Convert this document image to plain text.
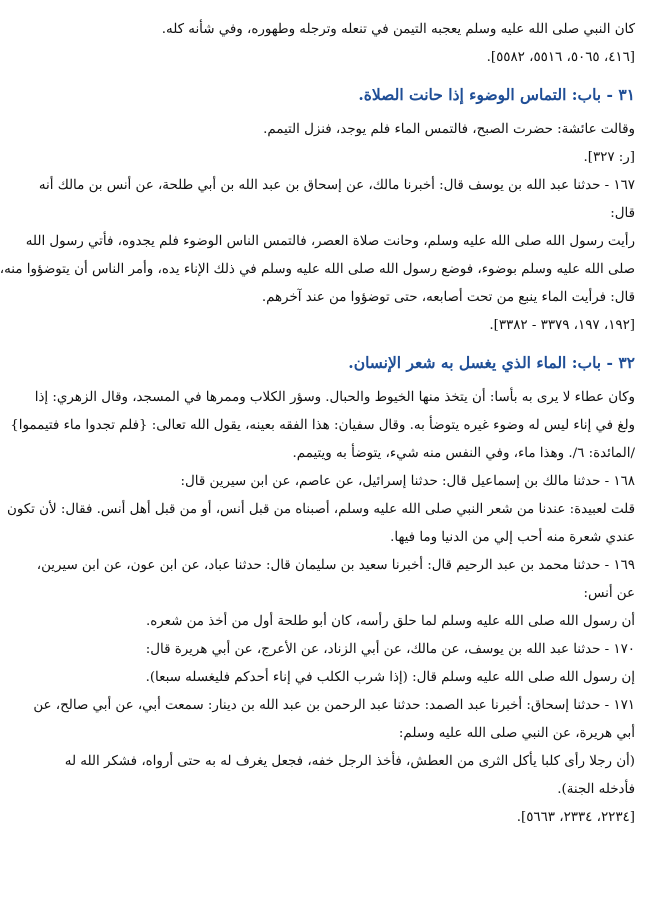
كان النبي صلى الله عليه وسلم يعجبه التيمن في تنعله وترجله وطهوره، وفي شأنه كله.
[٤١٦، ٥٠٦٥، ٥٥١٦، ٥٥٨٢].
٣١ - باب: التماس الوضوء إذا حانت الصلاة.
وقالت عائشة: حضرت الصبح، فالتمس الماء فلم يوجد، فنزل التيمم.
[ر: ٣٢٧].
١٦٧ - حدثنا عبد الله بن يوسف قال: أخبرنا مالك، عن إسحاق بن عبد الله بن أبي طلحة، عن أنس بن مالك أنه
قال:
رأيت رسول الله صلى الله عليه وسلم، وحانت صلاة العصر، فالتمس الناس الوضوء فلم يجدوه، فأتي رسول الله
صلى الله عليه وسلم بوضوء، فوضع رسول الله صلى الله عليه وسلم في ذلك الإناء يده، وأمر الناس أن يتوضؤوا منه،
قال: فرأيت الماء ينبع من تحت أصابعه، حتى توضؤوا من عند آخرهم.
[١٩٢، ١٩٧، ٣٣٧٩ - ٣٣٨٢].
٣٢ - باب: الماء الذي يغسل به شعر الإنسان.
وكان عطاء لا يرى به بأسا: أن يتخذ منها الخيوط والحبال. وسؤر الكلاب وممرها في المسجد، وقال الزهري: إذا
ولغ في إناء ليس له وضوء غيره يتوضأ به. وقال سفيان: هذا الفقه بعينه، يقول الله تعالى: {فلم تجدوا ماء فتيمموا}
/المائدة: ٦/. وهذا ماء، وفي النفس منه شيء، يتوضأ به ويتيمم.
١٦٨ - حدثنا مالك بن إسماعيل قال: حدثنا إسرائيل، عن عاصم، عن ابن سيرين قال:
قلت لعبيدة: عندنا من شعر النبي صلى الله عليه وسلم، أصبناه من قبل أنس، أو من قبل أهل أنس. فقال: لأن تكون
عندي شعرة منه أحب إلي من الدنيا وما فيها.
١٦٩ - حدثنا محمد بن عبد الرحيم قال: أخبرنا سعيد بن سليمان قال: حدثنا عباد، عن ابن عون، عن ابن سيرين،
عن أنس:
أن رسول الله صلى الله عليه وسلم لما حلق رأسه، كان أبو طلحة أول من أخذ من شعره.
١٧٠ - حدثنا عبد الله بن يوسف، عن مالك، عن أبي الزناد، عن الأعرج، عن أبي هريرة قال:
إن رسول الله صلى الله عليه وسلم قال: (إذا شرب الكلب في إناء أحدكم فليغسله سبعا).
١٧١ - حدثنا إسحاق: أخبرنا عبد الصمد: حدثنا عبد الرحمن بن عبد الله بن دينار: سمعت أبي، عن أبي صالح، عن
أبي هريرة، عن النبي صلى الله عليه وسلم:
(أن رجلا رأى كلبا يأكل الثرى من العطش، فأخذ الرجل خفه، فجعل يغرف له به حتى أرواه، فشكر الله له
فأدخله الجنة).
[٢٢٣٤، ٢٣٣٤، ٥٦٦٣].
